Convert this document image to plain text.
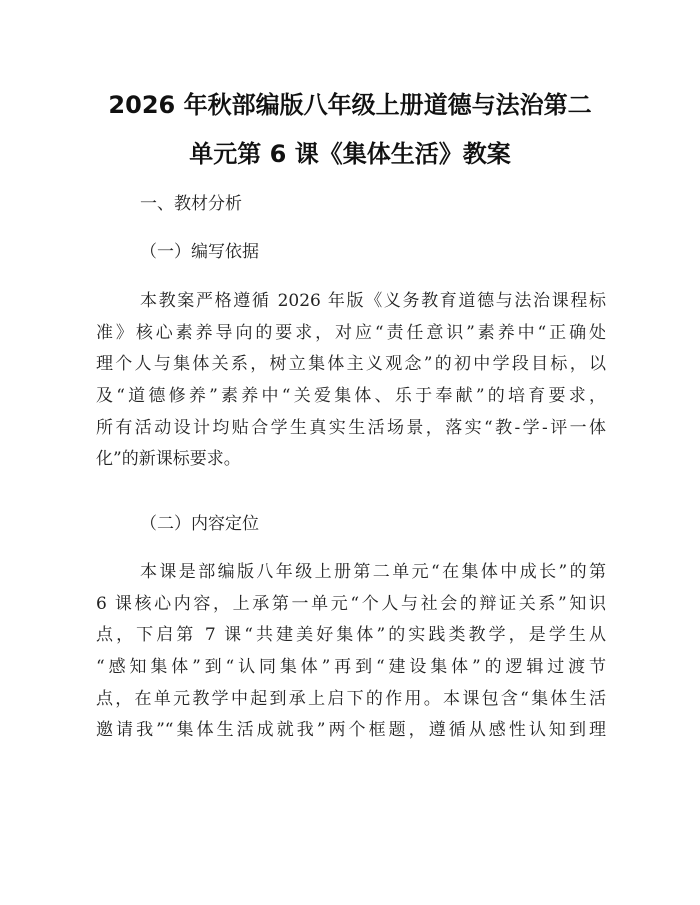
2026 年秋部编版八年级上册道德与法治第二
单元第 6 课《集体生活》教案
一、教材分析
（一）编写依据
本教案严格遵循 2026 年版《义务教育道德与法治课程标
准》核心素养导向的要求，对应“责任意识”素养中“正确处
理个人与集体关系，树立集体主义观念”的初中学段目标，以
及“道德修养”素养中“关爱集体、乐于奉献”的培育要求，
所有活动设计均贴合学生真实生活场景，落实“教-学-评一体
化”的新课标要求。
（二）内容定位
本课是部编版八年级上册第二单元“在集体中成长”的第
6 课核心内容，上承第一单元“个人与社会的辩证关系”知识
点，下启第 7 课“共建美好集体”的实践类教学，是学生从
“感知集体”到“认同集体”再到“建设集体”的逻辑过渡节
点，在单元教学中起到承上启下的作用。本课包含“集体生活
邀请我”“集体生活成就我”两个框题，遵循从感性认知到理
